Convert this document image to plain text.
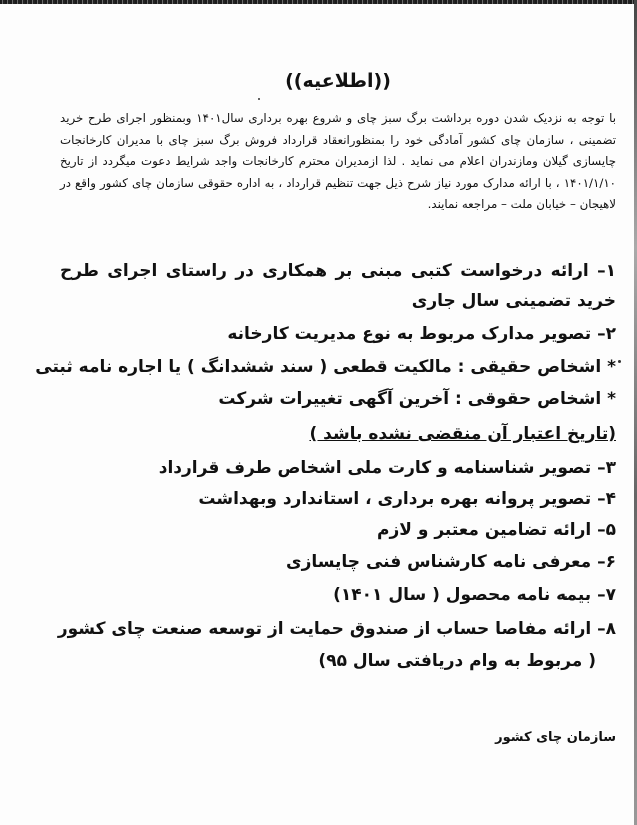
((اطلاعیه))

با توجه به نزدیک شدن دوره برداشت برگ سبز چای و شروع بهره برداری سال۱۴۰۱ وبمنظور اجرای طرح خرید تضمینی ، سازمان چای کشور آمادگی خود را بمنظورانعقاد قرارداد فروش برگ سبز چای با مدیران کارخانجات چایسازی گیلان ومازندران اعلام می نماید . لذا ازمدیران محترم کارخانجات واجد شرایط دعوت میگردد از تاریخ ۱۴۰۱/۱/۱۰ ، با ارائه مدارک مورد نیاز شرح ذیل جهت تنظیم قرارداد ، به اداره حقوقی سازمان چای کشور واقع در لاهیجان – خیابان ملت – مراجعه نمایند.

۱– ارائه درخواست کتبی مبنی بر همکاری در راستای اجرای طرح خرید تضمینی سال جاری

۲– تصویر مدارک مربوط به نوع مدیریت کارخانه

* اشخاص حقیقی : مالکیت قطعی ( سند ششدانگ ) یا اجاره نامه ثبتی

* اشخاص حقوقی : آخرین آگهی تغییرات شرکت

(تاریخ اعتبار آن منقضی نشده باشد )

۳– تصویر شناسنامه و کارت ملی اشخاص طرف قرارداد

۴– تصویر پروانه بهره برداری ، استاندارد وبهداشت

۵– ارائه تضامین معتبر و لازم

۶– معرفی نامه کارشناس فنی چایسازی

۷– بیمه نامه محصول ( سال ۱۴۰۱)

۸– ارائه مفاصا حساب از صندوق حمایت از توسعه صنعت چای کشور

( مربوط به وام دریافتی سال ۹۵)

سازمان چای کشور
